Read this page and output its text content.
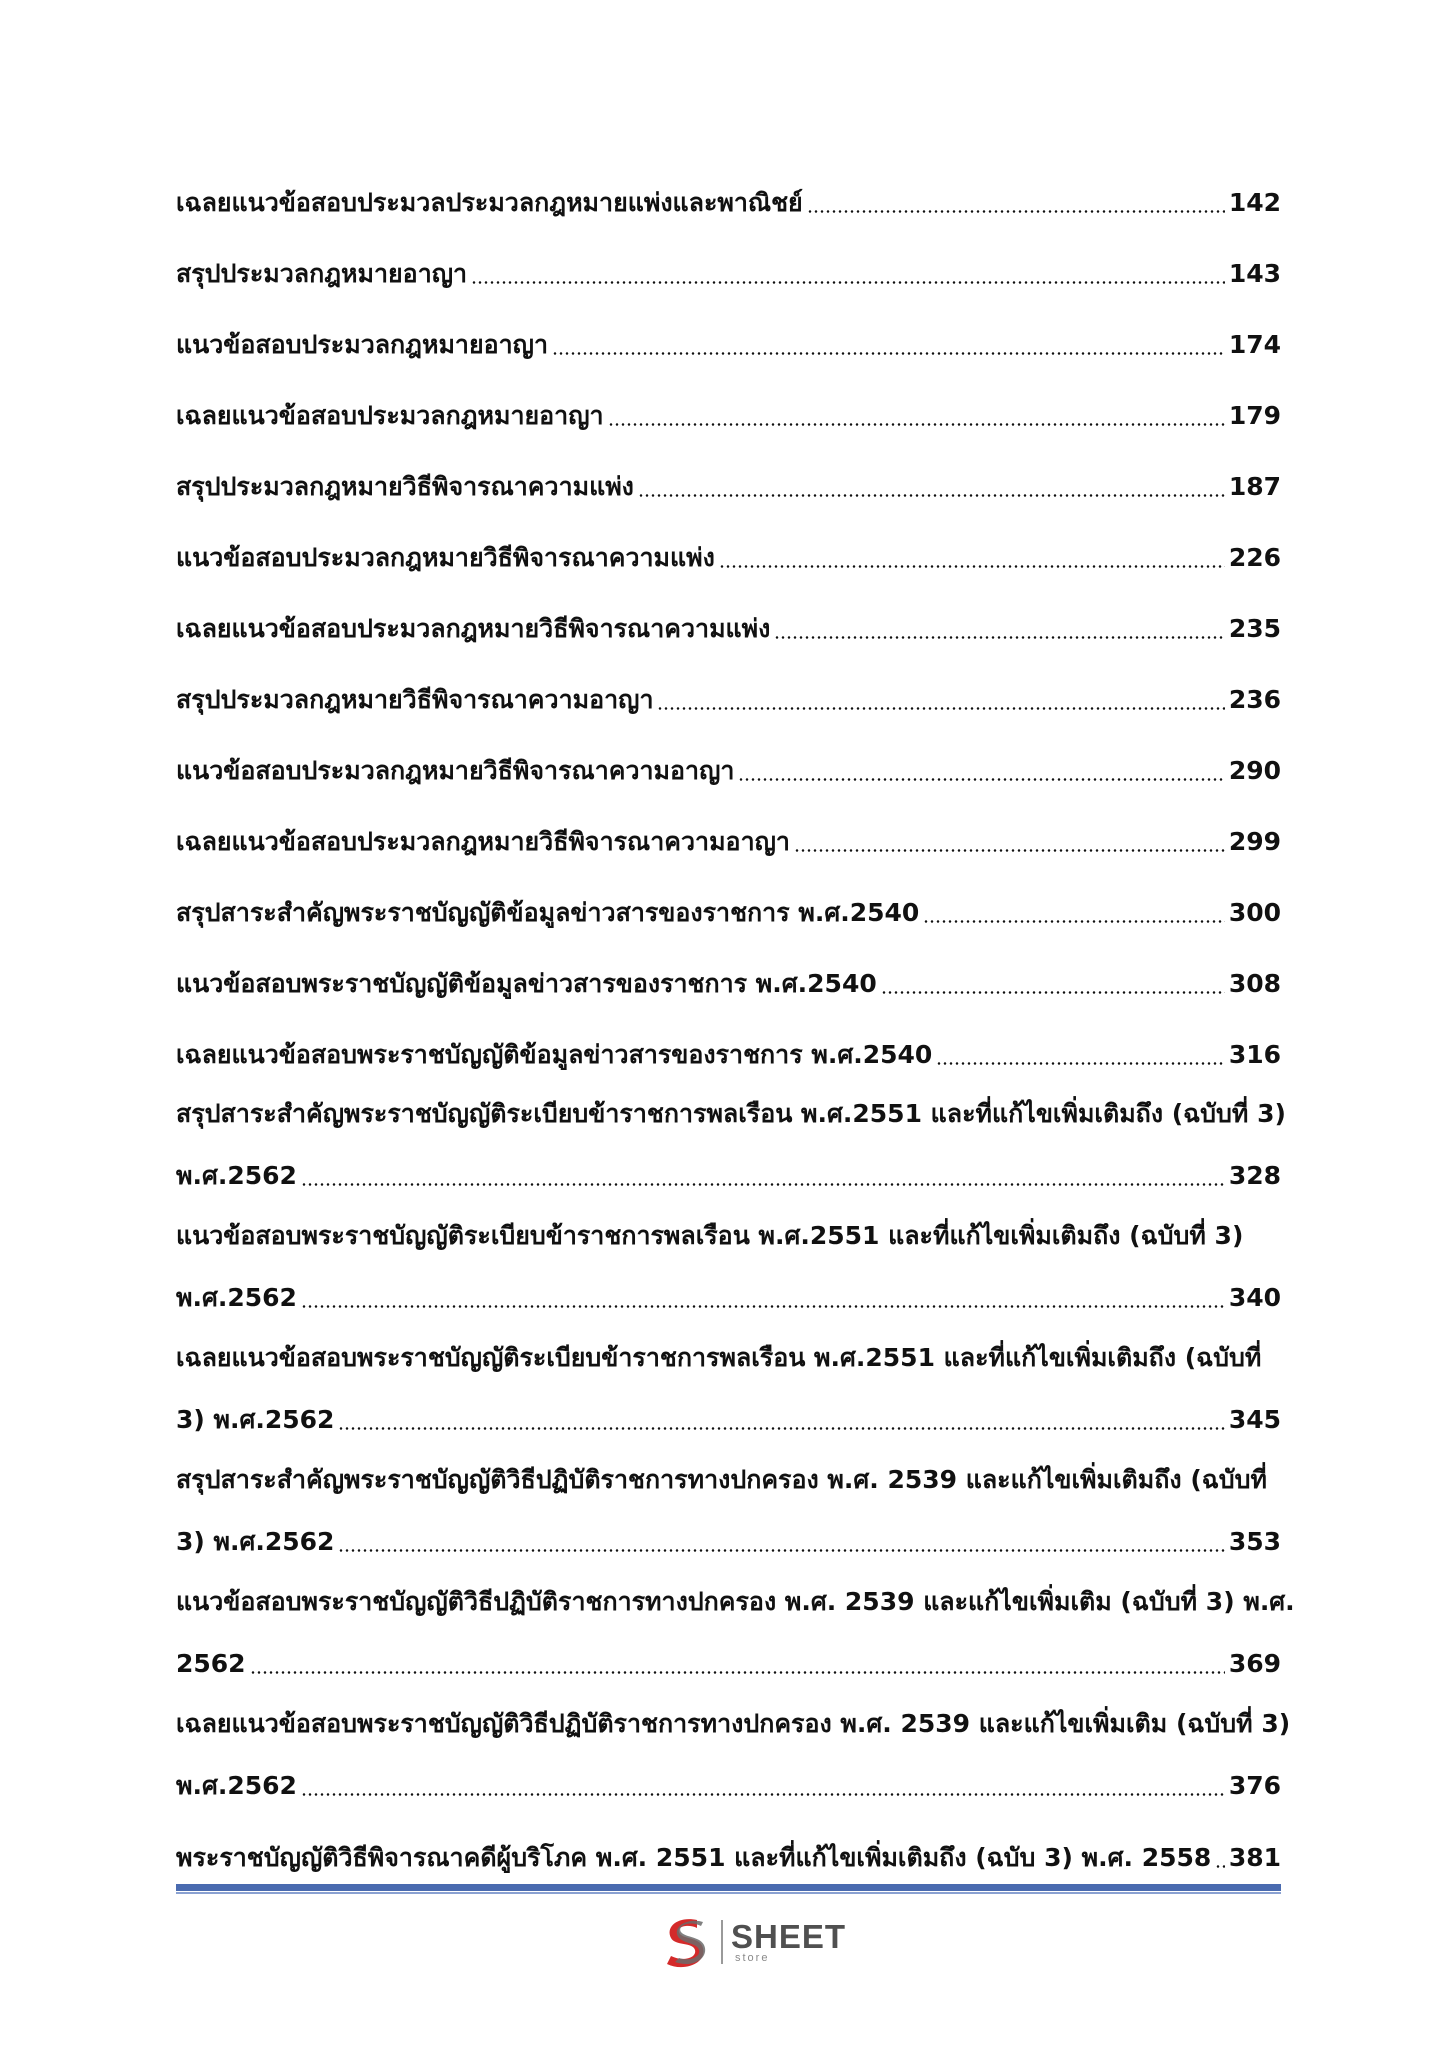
เฉลยแนวข้อสอบประมวลประมวลกฎหมายแพ่งและพาณิชย์	142
สรุปประมวลกฎหมายอาญา	143
แนวข้อสอบประมวลกฎหมายอาญา	174
เฉลยแนวข้อสอบประมวลกฎหมายอาญา	179
สรุปประมวลกฎหมายวิธีพิจารณาความแพ่ง	187
แนวข้อสอบประมวลกฎหมายวิธีพิจารณาความแพ่ง	226
เฉลยแนวข้อสอบประมวลกฎหมายวิธีพิจารณาความแพ่ง	235
สรุปประมวลกฎหมายวิธีพิจารณาความอาญา	236
แนวข้อสอบประมวลกฎหมายวิธีพิจารณาความอาญา	290
เฉลยแนวข้อสอบประมวลกฎหมายวิธีพิจารณาความอาญา	299
สรุปสาระสำคัญพระราชบัญญัติข้อมูลข่าวสารของราชการ พ.ศ.2540	300
แนวข้อสอบพระราชบัญญัติข้อมูลข่าวสารของราชการ พ.ศ.2540	308
เฉลยแนวข้อสอบพระราชบัญญัติข้อมูลข่าวสารของราชการ พ.ศ.2540	316
สรุปสาระสำคัญพระราชบัญญัติระเบียบข้าราชการพลเรือน พ.ศ.2551 และที่แก้ไขเพิ่มเติมถึง (ฉบับที่ 3)
พ.ศ.2562	328
แนวข้อสอบพระราชบัญญัติระเบียบข้าราชการพลเรือน พ.ศ.2551 และที่แก้ไขเพิ่มเติมถึง (ฉบับที่ 3)
พ.ศ.2562	340
เฉลยแนวข้อสอบพระราชบัญญัติระเบียบข้าราชการพลเรือน พ.ศ.2551 และที่แก้ไขเพิ่มเติมถึง (ฉบับที่
3) พ.ศ.2562	345
สรุปสาระสำคัญพระราชบัญญัติวิธีปฏิบัติราชการทางปกครอง พ.ศ. 2539 และแก้ไขเพิ่มเติมถึง (ฉบับที่
3) พ.ศ.2562	353
แนวข้อสอบพระราชบัญญัติวิธีปฏิบัติราชการทางปกครอง พ.ศ. 2539 และแก้ไขเพิ่มเติม (ฉบับที่ 3) พ.ศ.
2562	369
เฉลยแนวข้อสอบพระราชบัญญัติวิธีปฏิบัติราชการทางปกครอง พ.ศ. 2539 และแก้ไขเพิ่มเติม (ฉบับที่ 3)
พ.ศ.2562	376
พระราชบัญญัติวิธีพิจารณาคดีผู้บริโภค พ.ศ. 2551 และที่แก้ไขเพิ่มเติมถึง (ฉบับ 3) พ.ศ. 2558 381
SHEET
store
